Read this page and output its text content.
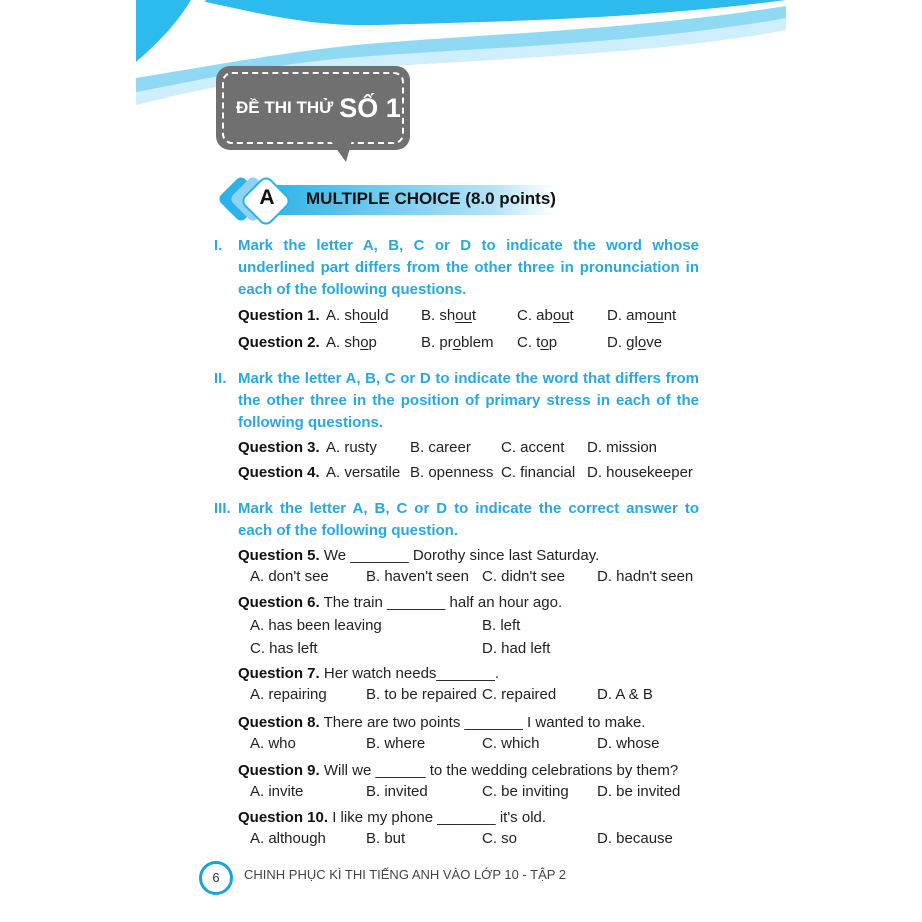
ĐỀ THI THỬ SỐ 1
A	MULTIPLE CHOICE (8.0 points)
I. Mark the letter A, B, C or D to indicate the word whose underlined part differs from the other three in pronunciation in each of the following questions.
II. Mark the letter A, B, C or D to indicate the word that differs from the other three in the position of primary stress in each of the following questions.
III. Mark the letter A, B, C or D to indicate the correct answer to each of the following question.
Question 1. A. should B. shout	C. about D. amount
Question 2. A. shop	B. problem C. top	D. glove
Question 3. A. rusty B. career C. accent D. mission
Question 4. A. versatile B. openness C. financial D. housekeeper
Question 5. We _______ Dorothy since last Saturday.
A. don't see B. haven't seen C. didn't see D. hadn't seen
Question 6. The train _______ half an hour ago.
A. has been leaving	B. left
C. has left	D. had left
Question 7. Her watch needs_______.
A. repairing	B. to be repaired C. repaired	D. A & B
Question 8. There are two points _______ I wanted to make.
A. who	B. where	C. which	D. whose
Question 9. Will we ______ to the wedding celebrations by them?
A. invite	B. invited	C. be inviting D. be invited
Question 10. I like my phone _______ it's old.
A. although	B. but	C. so	D. because
6	CHINH PHỤC KÌ THI TIẾNG ANH VÀO LỚP 10 - TẬP 2
